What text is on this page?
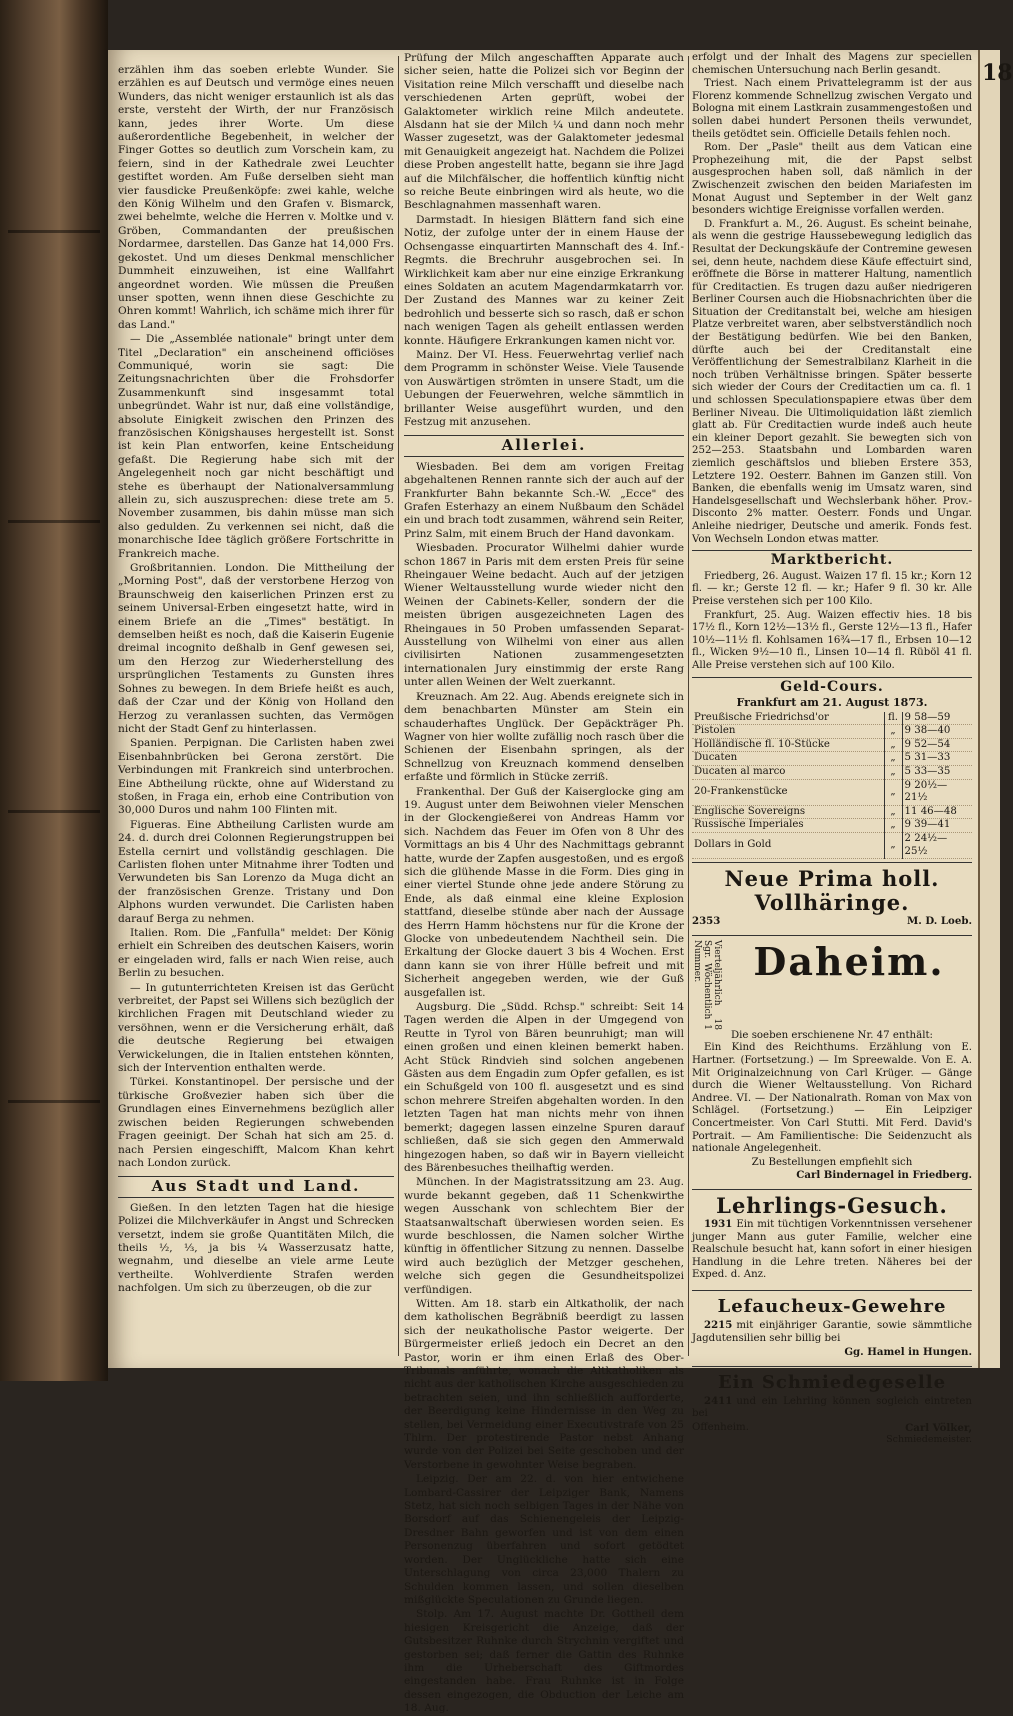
18

erzählen ihm das soeben erlebte Wunder. Sie erzählen es auf Deutsch und vermöge eines neuen Wunders, das nicht weniger erstaunlich ist als das erste, versteht der Wirth, der nur Französisch kann, jedes ihrer Worte. Um diese außerordentliche Begebenheit, in welcher der Finger Gottes so deutlich zum Vorschein kam, zu feiern, sind in der Kathedrale zwei Leuchter gestiftet worden. Am Fuße derselben sieht man vier fausdicke Preußenköpfe: zwei kahle, welche den König Wilhelm und den Grafen v. Bismarck, zwei behelmte, welche die Herren v. Moltke und v. Gröben, Commandanten der preußischen Nordarmee, darstellen. Das Ganze hat 14,000 Frs. gekostet. Und um dieses Denkmal menschlicher Dummheit einzuweihen, ist eine Wallfahrt angeordnet worden. Wie müssen die Preußen unser spotten, wenn ihnen diese Geschichte zu Ohren kommt! Wahrlich, ich schäme mich ihrer für das Land."

— Die „Assemblée nationale" bringt unter dem Titel „Declaration" ein anscheinend officiöses Communiqué, worin sie sagt: Die Zeitungsnachrichten über die Frohsdorfer Zusammenkunft sind insgesammt total unbegründet. Wahr ist nur, daß eine vollständige, absolute Einigkeit zwischen den Prinzen des französischen Königshauses hergestellt ist. Sonst ist kein Plan entworfen, keine Entscheidung gefaßt. Die Regierung habe sich mit der Angelegenheit noch gar nicht beschäftigt und stehe es überhaupt der Nationalversammlung allein zu, sich auszusprechen: diese trete am 5. November zusammen, bis dahin müsse man sich also gedulden. Zu verkennen sei nicht, daß die monarchische Idee täglich größere Fortschritte in Frankreich mache.

Großbritannien. London. Die Mittheilung der „Morning Post", daß der verstorbene Herzog von Braunschweig den kaiserlichen Prinzen erst zu seinem Universal-Erben eingesetzt hatte, wird in einem Briefe an die „Times" bestätigt. In demselben heißt es noch, daß die Kaiserin Eugenie dreimal incognito deßhalb in Genf gewesen sei, um den Herzog zur Wiederherstellung des ursprünglichen Testaments zu Gunsten ihres Sohnes zu bewegen. In dem Briefe heißt es auch, daß der Czar und der König von Holland den Herzog zu veranlassen suchten, das Vermögen nicht der Stadt Genf zu hinterlassen.

Spanien. Perpignan. Die Carlisten haben zwei Eisenbahnbrücken bei Gerona zerstört. Die Verbindungen mit Frankreich sind unterbrochen. Eine Abtheilung rückte, ohne auf Widerstand zu stoßen, in Fraga ein, erhob eine Contribution von 30,000 Duros und nahm 100 Flinten mit.

Figueras. Eine Abtheilung Carlisten wurde am 24. d. durch drei Colonnen Regierungstruppen bei Estella cernirt und vollständig geschlagen. Die Carlisten flohen unter Mitnahme ihrer Todten und Verwundeten bis San Lorenzo da Muga dicht an der französischen Grenze. Tristany und Don Alphons wurden verwundet. Die Carlisten haben darauf Berga zu nehmen.

Italien. Rom. Die „Fanfulla" meldet: Der König erhielt ein Schreiben des deutschen Kaisers, worin er eingeladen wird, falls er nach Wien reise, auch Berlin zu besuchen.

— In gutunterrichteten Kreisen ist das Gerücht verbreitet, der Papst sei Willens sich bezüglich der kirchlichen Fragen mit Deutschland wieder zu versöhnen, wenn er die Versicherung erhält, daß die deutsche Regierung bei etwaigen Verwickelungen, die in Italien entstehen könnten, sich der Intervention enthalten werde.

Türkei. Konstantinopel. Der persische und der türkische Großvezier haben sich über die Grundlagen eines Einvernehmens bezüglich aller zwischen beiden Regierungen schwebenden Fragen geeinigt. Der Schah hat sich am 25. d. nach Persien eingeschifft, Malcom Khan kehrt nach London zurück.

Aus Stadt und Land.

Gießen. In den letzten Tagen hat die hiesige Polizei die Milchverkäufer in Angst und Schrecken versetzt, indem sie große Quantitäten Milch, die theils ½, ⅓, ja bis ¼ Wasserzusatz hatte, wegnahm, und dieselbe an viele arme Leute vertheilte. Wohlverdiente Strafen werden nachfolgen. Um sich zu überzeugen, ob die zur

Prüfung der Milch angeschafften Apparate auch sicher seien, hatte die Polizei sich vor Beginn der Visitation reine Milch verschafft und dieselbe nach verschiedenen Arten geprüft, wobei der Galaktometer wirklich reine Milch andeutete. Alsdann hat sie der Milch ¼ und dann noch mehr Wasser zugesetzt, was der Galaktometer jedesmal mit Genauigkeit angezeigt hat. Nachdem die Polizei diese Proben angestellt hatte, begann sie ihre Jagd auf die Milchfälscher, die hoffentlich künftig nicht so reiche Beute einbringen wird als heute, wo die Beschlagnahmen massenhaft waren.

Darmstadt. In hiesigen Blättern fand sich eine Notiz, der zufolge unter der in einem Hause der Ochsengasse einquartirten Mannschaft des 4. Inf.-Regmts. die Brechruhr ausgebrochen sei. In Wirklichkeit kam aber nur eine einzige Erkrankung eines Soldaten an acutem Magendarmkatarrh vor. Der Zustand des Mannes war zu keiner Zeit bedrohlich und besserte sich so rasch, daß er schon nach wenigen Tagen als geheilt entlassen werden konnte. Häufigere Erkrankungen kamen nicht vor.

Mainz. Der VI. Hess. Feuerwehrtag verlief nach dem Programm in schönster Weise. Viele Tausende von Auswärtigen strömten in unsere Stadt, um die Uebungen der Feuerwehren, welche sämmtlich in brillanter Weise ausgeführt wurden, und den Festzug mit anzusehen.

Allerlei.

Wiesbaden. Bei dem am vorigen Freitag abgehaltenen Rennen rannte sich der auch auf der Frankfurter Bahn bekannte Sch.-W. „Ecce" des Grafen Esterhazy an einem Nußbaum den Schädel ein und brach todt zusammen, während sein Reiter, Prinz Salm, mit einem Bruch der Hand davonkam.

Wiesbaden. Procurator Wilhelmi dahier wurde schon 1867 in Paris mit dem ersten Preis für seine Rheingauer Weine bedacht. Auch auf der jetzigen Wiener Weltausstellung wurde wieder nicht den Weinen der Cabinets-Keller, sondern der die meisten übrigen ausgezeichneten Lagen des Rheingaues in 50 Proben umfassenden Separat-Ausstellung von Wilhelmi von einer aus allen civilisirten Nationen zusammengesetzten internationalen Jury einstimmig der erste Rang unter allen Weinen der Welt zuerkannt.

Kreuznach. Am 22. Aug. Abends ereignete sich in dem benachbarten Münster am Stein ein schauderhaftes Unglück. Der Gepäckträger Ph. Wagner von hier wollte zufällig noch rasch über die Schienen der Eisenbahn springen, als der Schnellzug von Kreuznach kommend denselben erfaßte und förmlich in Stücke zerriß.

Frankenthal. Der Guß der Kaiserglocke ging am 19. August unter dem Beiwohnen vieler Menschen in der Glockengießerei von Andreas Hamm vor sich. Nachdem das Feuer im Ofen von 8 Uhr des Vormittags an bis 4 Uhr des Nachmittags gebrannt hatte, wurde der Zapfen ausgestoßen, und es ergoß sich die glühende Masse in die Form. Dies ging in einer viertel Stunde ohne jede andere Störung zu Ende, als daß einmal eine kleine Explosion stattfand, dieselbe stünde aber nach der Aussage des Herrn Hamm höchstens nur für die Krone der Glocke von unbedeutendem Nachtheil sein. Die Erkaltung der Glocke dauert 3 bis 4 Wochen. Erst dann kann sie von ihrer Hülle befreit und mit Sicherheit angegeben werden, wie der Guß ausgefallen ist.

Augsburg. Die „Südd. Rchsp." schreibt: Seit 14 Tagen werden die Alpen in der Umgegend von Reutte in Tyrol von Bären beunruhigt; man will einen großen und einen kleinen bemerkt haben. Acht Stück Rindvieh sind solchen angebenen Gästen aus dem Engadin zum Opfer gefallen, es ist ein Schußgeld von 100 fl. ausgesetzt und es sind schon mehrere Streifen abgehalten worden. In den letzten Tagen hat man nichts mehr von ihnen bemerkt; dagegen lassen einzelne Spuren darauf schließen, daß sie sich gegen den Ammerwald hingezogen haben, so daß wir in Bayern vielleicht des Bärenbesuches theilhaftig werden.

München. In der Magistratssitzung am 23. Aug. wurde bekannt gegeben, daß 11 Schenkwirthe wegen Ausschank von schlechtem Bier der Staatsanwaltschaft überwiesen worden seien. Es wurde beschlossen, die Namen solcher Wirthe künftig in öffentlicher Sitzung zu nennen. Dasselbe wird auch bezüglich der Metzger geschehen, welche sich gegen die Gesundheitspolizei verfündigen.

Witten. Am 18. starb ein Altkatholik, der nach dem katholischen Begräbniß beerdigt zu lassen sich der neukatholische Pastor weigerte. Der Bürgermeister erließ jedoch ein Decret an den Pastor, worin er ihm einen Erlaß des Ober-Tribunals anführte, wonach die Altkatholiken als nicht aus der katholischen Kirche ausgeschieden zu betrachten seien, und ihn schließlich aufforderte, der Beerdigung keine Hindernisse in den Weg zu stellen, bei Vermeidung einer Executivstrafe von 25 Thlrn. Der protestirende Pastor nebst Anhang wurde von der Polizei bei Seite geschoben und der Verstorbene in gewohnter Weise begraben.

Leipzig. Der am 22. d. von hier entwichene Lombard-Cassirer der Leipziger Bank, Namens Stetz, hat sich noch selbigen Tages in der Nähe von Borsdorf auf das Schienengeleis der Leipzig-Dresdner Bahn geworfen und ist von dem einen Personenzug überfahren und sofort getödtet worden. Der Unglückliche hatte sich eine Unterschlagung von circa 23,000 Thalern zu Schulden kommen lassen, und sollen dieselben mißglückte Speculationen zu Grunde liegen.

Stolp. Am 17. August machte Dr. Gottheil dem hiesigen Kreisgericht die Anzeige, daß der Gutsbesitzer Ruhnke durch Strychnin vergiftet und gestorben sei; daß ferner die Gattin des Ruhnke ihm die Urheberschaft des Giftmordes eingestanden habe. Frau Ruhnke ist in Folge dessen eingezogen, die Obduction der Leiche am 18. Aug.

erfolgt und der Inhalt des Magens zur speciellen chemischen Untersuchung nach Berlin gesandt.

Triest. Nach einem Privattelegramm ist der aus Florenz kommende Schnellzug zwischen Vergato und Bologna mit einem Lastkrain zusammengestoßen und sollen dabei hundert Personen theils verwundet, theils getödtet sein. Officielle Details fehlen noch.

Rom. Der „Pasle" theilt aus dem Vatican eine Prophezeihung mit, die der Papst selbst ausgesprochen haben soll, daß nämlich in der Zwischenzeit zwischen den beiden Mariafesten im Monat August und September in der Welt ganz besonders wichtige Ereignisse vorfallen werden.

D. Frankfurt a. M., 26. August. Es scheint beinahe, als wenn die gestrige Haussebewegung lediglich das Resultat der Deckungskäufe der Contremine gewesen sei, denn heute, nachdem diese Käufe effectuirt sind, eröffnete die Börse in matterer Haltung, namentlich für Creditactien. Es trugen dazu außer niedrigeren Berliner Coursen auch die Hiobsnachrichten über die Situation der Creditanstalt bei, welche am hiesigen Platze verbreitet waren, aber selbstverständlich noch der Bestätigung bedürfen. Wie bei den Banken, dürfte auch bei der Creditanstalt eine Veröffentlichung der Semestralbilanz Klarheit in die noch trüben Verhältnisse bringen. Später besserte sich wieder der Cours der Creditactien um ca. fl. 1 und schlossen Speculationspapiere etwas über dem Berliner Niveau. Die Ultimoliquidation läßt ziemlich glatt ab. Für Creditactien wurde indeß auch heute ein kleiner Deport gezahlt. Sie bewegten sich von 252—253. Staatsbahn und Lombarden waren ziemlich geschäftslos und blieben Erstere 353, Letztere 192. Oesterr. Bahnen im Ganzen still. Von Banken, die ebenfalls wenig im Umsatz waren, sind Handelsgesellschaft und Wechslerbank höher. Prov.-Disconto 2% matter. Oesterr. Fonds und Ungar. Anleihe niedriger, Deutsche und amerik. Fonds fest. Von Wechseln London etwas matter.

Marktbericht.

Friedberg, 26. August. Waizen 17 fl. 15 kr.; Korn 12 fl. — kr.; Gerste 12 fl. — kr.; Hafer 9 fl. 30 kr. Alle Preise verstehen sich per 100 Kilo.

Frankfurt, 25. Aug. Waizen effectiv hies. 18 bis 17½ fl., Korn 12½—13½ fl., Gerste 12½—13 fl., Hafer 10½—11½ fl. Kohlsamen 16¾—17 fl., Erbsen 10—12 fl., Wicken 9½—10 fl., Linsen 10—14 fl. Rüböl 41 fl. Alle Preise verstehen sich auf 100 Kilo.

Geld-Cours.
Frankfurt am 21. August 1873.
Preußische Friedrichsd'or	fl.	9 58—59
Pistolen	„	9 38—40
Holländische fl. 10-Stücke	„	9 52—54
Ducaten	„	5 31—33
Ducaten al marco	„	5 33—35
20-Frankenstücke	„	9 20½—21½
Englische Sovereigns	„	11 46—48
Russische Imperiales	„	9 39—41
Dollars in Gold	„	2 24½—25½
Neue Prima holl. Vollhäringe.
2353	M. D. Loeb.
Vierteljährlich 18 Sgr. Wöchentlich 1 Nummer.	Daheim.
Die soeben erschienene Nr. 47 enthält:

Ein Kind des Reichthums. Erzählung von E. Hartner. (Fortsetzung.) — Im Spreewalde. Von E. A. Mit Originalzeichnung von Carl Krüger. — Gänge durch die Wiener Weltausstellung. Von Richard Andree. VI. — Der Nationalrath. Roman von Max von Schlägel. (Fortsetzung.) — Ein Leipziger Concertmeister. Von Carl Stutti. Mit Ferd. David's Portrait. — Am Familientische: Die Seidenzucht als nationale Angelegenheit.

Zu Bestellungen empfiehlt sich
Carl Bindernagel in Friedberg.
Lehrlings-Gesuch.

1931 Ein mit tüchtigen Vorkenntnissen versehener junger Mann aus guter Familie, welcher eine Realschule besucht hat, kann sofort in einer hiesigen Handlung in die Lehre treten. Näheres bei der Exped. d. Anz.

Lefaucheux-Gewehre

2215 mit einjähriger Garantie, sowie sämmtliche Jagdutensilien sehr billig bei

Gg. Hamel in Hungen.
Ein Schmiedegeselle

2411 und ein Lehrling können sogleich eintreten bei

Offenheim.	Carl Völker,
Schmiedemeister.
